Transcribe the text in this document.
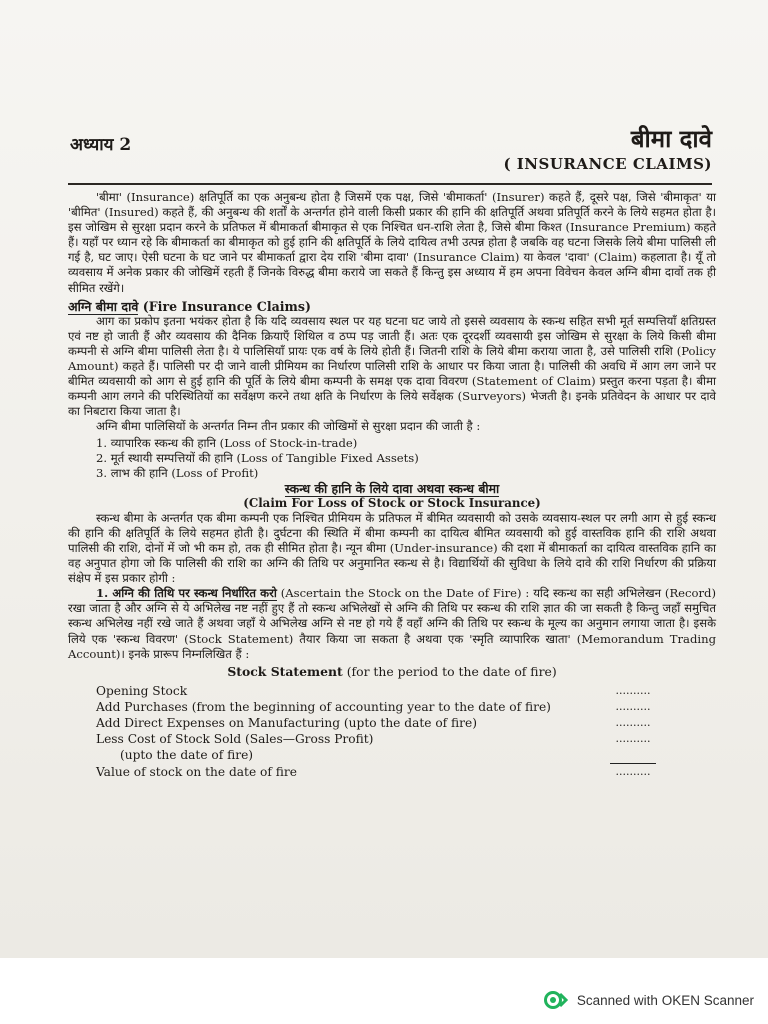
अध्याय 2	बीमा दावे
( INSURANCE CLAIMS)

'बीमा' (Insurance) क्षतिपूर्ति का एक अनुबन्ध होता है जिसमें एक पक्ष, जिसे 'बीमाकर्ता' (Insurer) कहते हैं, दूसरे पक्ष, जिसे 'बीमाकृत' या 'बीमित' (Insured) कहते हैं, की अनुबन्ध की शर्तों के अन्तर्गत होने वाली किसी प्रकार की हानि की क्षतिपूर्ति अथवा प्रतिपूर्ति करने के लिये सहमत होता है। इस जोखिम से सुरक्षा प्रदान करने के प्रतिफल में बीमाकर्ता बीमाकृत से एक निश्चित धन-राशि लेता है, जिसे बीमा किश्त (Insurance Premium) कहते हैं। यहाँ पर ध्यान रहे कि बीमाकर्ता का बीमाकृत को हुई हानि की क्षतिपूर्ति के लिये दायित्व तभी उत्पन्न होता है जबकि वह घटना जिसके लिये बीमा पालिसी ली गई है, घट जाए। ऐसी घटना के घट जाने पर बीमाकर्ता द्वारा देय राशि 'बीमा दावा' (Insurance Claim) या केवल 'दावा' (Claim) कहलाता है। यूँ तो व्यवसाय में अनेक प्रकार की जोखिमें रहती हैं जिनके विरुद्ध बीमा कराये जा सकते हैं किन्तु इस अध्याय में हम अपना विवेचन केवल अग्नि बीमा दावों तक ही सीमित रखेंगे।

अग्नि बीमा दावे (Fire Insurance Claims)

आग का प्रकोप इतना भयंकर होता है कि यदि व्यवसाय स्थल पर यह घटना घट जाये तो इससे व्यवसाय के स्कन्ध सहित सभी मूर्त सम्पत्तियाँ क्षतिग्रस्त एवं नष्ट हो जाती हैं और व्यवसाय की दैनिक क्रियाएँ शिथिल व ठप्प पड़ जाती हैं। अतः एक दूरदर्शी व्यवसायी इस जोखिम से सुरक्षा के लिये किसी बीमा कम्पनी से अग्नि बीमा पालिसी लेता है। ये पालिसियाँ प्रायः एक वर्ष के लिये होती हैं। जितनी राशि के लिये बीमा कराया जाता है, उसे पालिसी राशि (Policy Amount) कहते हैं। पालिसी पर दी जाने वाली प्रीमियम का निर्धारण पालिसी राशि के आधार पर किया जाता है। पालिसी की अवधि में आग लग जाने पर बीमित व्यवसायी को आग से हुई हानि की पूर्ति के लिये बीमा कम्पनी के समक्ष एक दावा विवरण (Statement of Claim) प्रस्तुत करना पड़ता है। बीमा कम्पनी आग लगने की परिस्थितियों का सर्वेक्षण करने तथा क्षति के निर्धारण के लिये सर्वेक्षक (Surveyors) भेजती है। इनके प्रतिवेदन के आधार पर दावे का निबटारा किया जाता है।

अग्नि बीमा पालिसियों के अन्तर्गत निम्न तीन प्रकार की जोखिमों से सुरक्षा प्रदान की जाती है :

1. व्यापारिक स्कन्ध की हानि (Loss of Stock-in-trade)
2. मूर्त स्थायी सम्पत्तियों की हानि (Loss of Tangible Fixed Assets)
3. लाभ की हानि (Loss of Profit)
स्कन्ध की हानि के लिये दावा अथवा स्कन्ध बीमा
(Claim For Loss of Stock or Stock Insurance)

स्कन्ध बीमा के अन्तर्गत एक बीमा कम्पनी एक निश्चित प्रीमियम के प्रतिफल में बीमित व्यवसायी को उसके व्यवसाय-स्थल पर लगी आग से हुई स्कन्ध की हानि की क्षतिपूर्ति के लिये सहमत होती है। दुर्घटना की स्थिति में बीमा कम्पनी का दायित्व बीमित व्यवसायी को हुई वास्तविक हानि की राशि अथवा पालिसी की राशि, दोनों में जो भी कम हो, तक ही सीमित होता है। न्यून बीमा (Under-insurance) की दशा में बीमाकर्ता का दायित्व वास्तविक हानि का वह अनुपात होगा जो कि पालिसी की राशि का अग्नि की तिथि पर अनुमानित स्कन्ध से है। विद्यार्थियों की सुविधा के लिये दावे की राशि निर्धारण की प्रक्रिया संक्षेप में इस प्रकार होगी :

1. अग्नि की तिथि पर स्कन्ध निर्धारित करो (Ascertain the Stock on the Date of Fire) : यदि स्कन्ध का सही अभिलेखन (Record) रखा जाता है और अग्नि से ये अभिलेख नष्ट नहीं हुए हैं तो स्कन्ध अभिलेखों से अग्नि की तिथि पर स्कन्ध की राशि ज्ञात की जा सकती है किन्तु जहाँ समुचित स्कन्ध अभिलेख नहीं रखे जाते हैं अथवा जहाँ ये अभिलेख अग्नि से नष्ट हो गये हैं वहाँ अग्नि की तिथि पर स्कन्ध के मूल्य का अनुमान लगाया जाता है। इसके लिये एक 'स्कन्ध विवरण' (Stock Statement) तैयार किया जा सकता है अथवा एक 'स्मृति व्यापारिक खाता' (Memorandum Trading Account)। इनके प्रारूप निम्नलिखित हैं :

Stock Statement (for the period to the date of fire)
Opening Stock	..........
Add Purchases (from the beginning of accounting year to the date of fire)	..........
Add Direct Expenses on Manufacturing (upto the date of fire)	..........
Less Cost of Stock Sold (Sales—Gross Profit)	..........
(upto the date of fire)
Value of stock on the date of fire	..........
Scanned with OKEN Scanner
